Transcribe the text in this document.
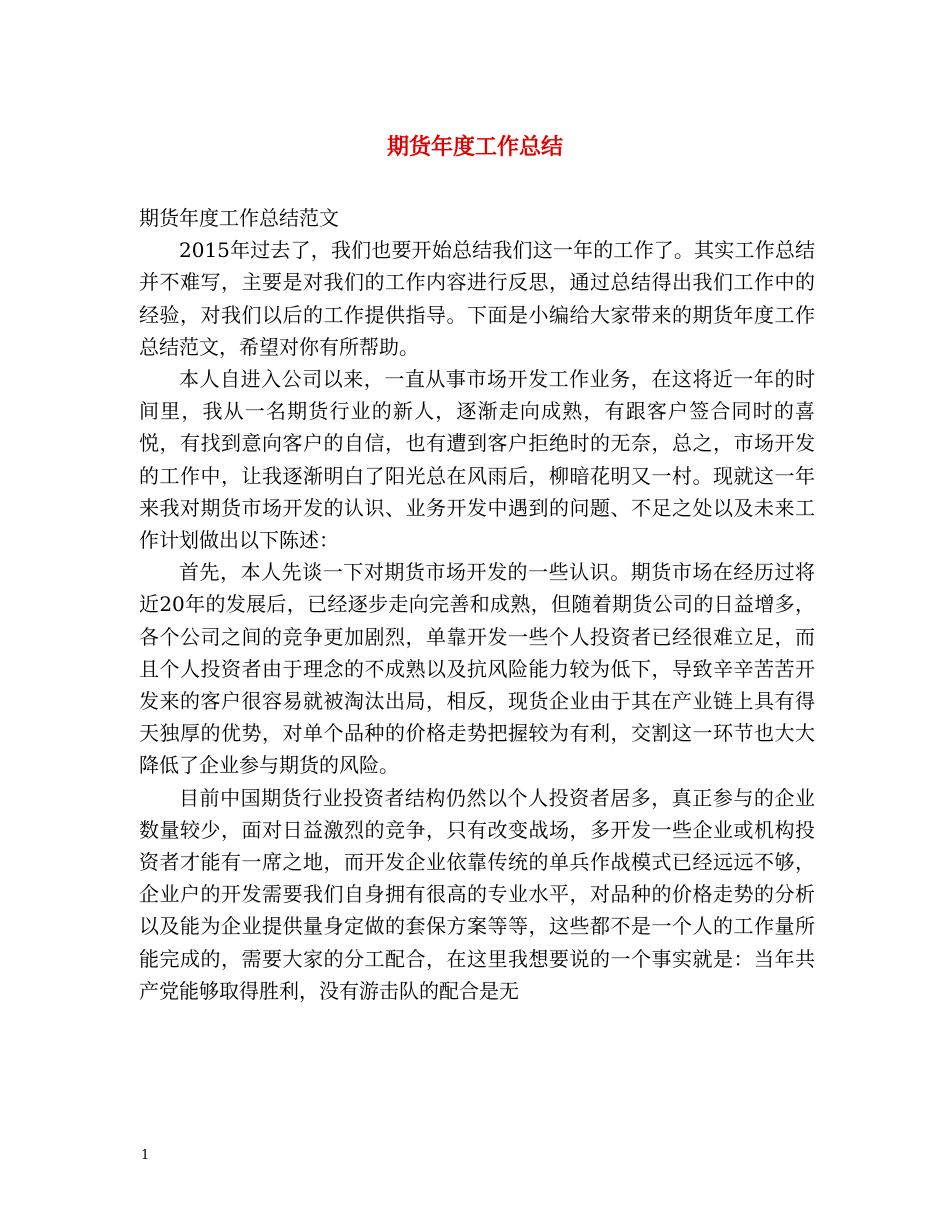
期货年度工作总结

期货年度工作总结范文

2015年过去了，我们也要开始总结我们这一年的工作了。其实工作总结并不难写，主要是对我们的工作内容进行反思，通过总结得出我们工作中的经验，对我们以后的工作提供指导。下面是小编给大家带来的期货年度工作总结范文，希望对你有所帮助。

本人自进入公司以来，一直从事市场开发工作业务，在这将近一年的时间里，我从一名期货行业的新人，逐渐走向成熟，有跟客户签合同时的喜悦，有找到意向客户的自信，也有遭到客户拒绝时的无奈，总之，市场开发的工作中，让我逐渐明白了阳光总在风雨后，柳暗花明又一村。现就这一年来我对期货市场开发的认识、业务开发中遇到的问题、不足之处以及未来工作计划做出以下陈述：

首先，本人先谈一下对期货市场开发的一些认识。期货市场在经历过将近20年的发展后，已经逐步走向完善和成熟，但随着期货公司的日益增多，各个公司之间的竞争更加剧烈，单靠开发一些个人投资者已经很难立足，而且个人投资者由于理念的不成熟以及抗风险能力较为低下，导致辛辛苦苦开发来的客户很容易就被淘汰出局，相反，现货企业由于其在产业链上具有得天独厚的优势，对单个品种的价格走势把握较为有利，交割这一环节也大大降低了企业参与期货的风险。

目前中国期货行业投资者结构仍然以个人投资者居多，真正参与的企业数量较少，面对日益激烈的竞争，只有改变战场，多开发一些企业或机构投资者才能有一席之地，而开发企业依靠传统的单兵作战模式已经远远不够，企业户的开发需要我们自身拥有很高的专业水平，对品种的价格走势的分析以及能为企业提供量身定做的套保方案等等，这些都不是一个人的工作量所能完成的，需要大家的分工配合，在这里我想要说的一个事实就是：当年共产党能够取得胜利，没有游击队的配合是无

1
